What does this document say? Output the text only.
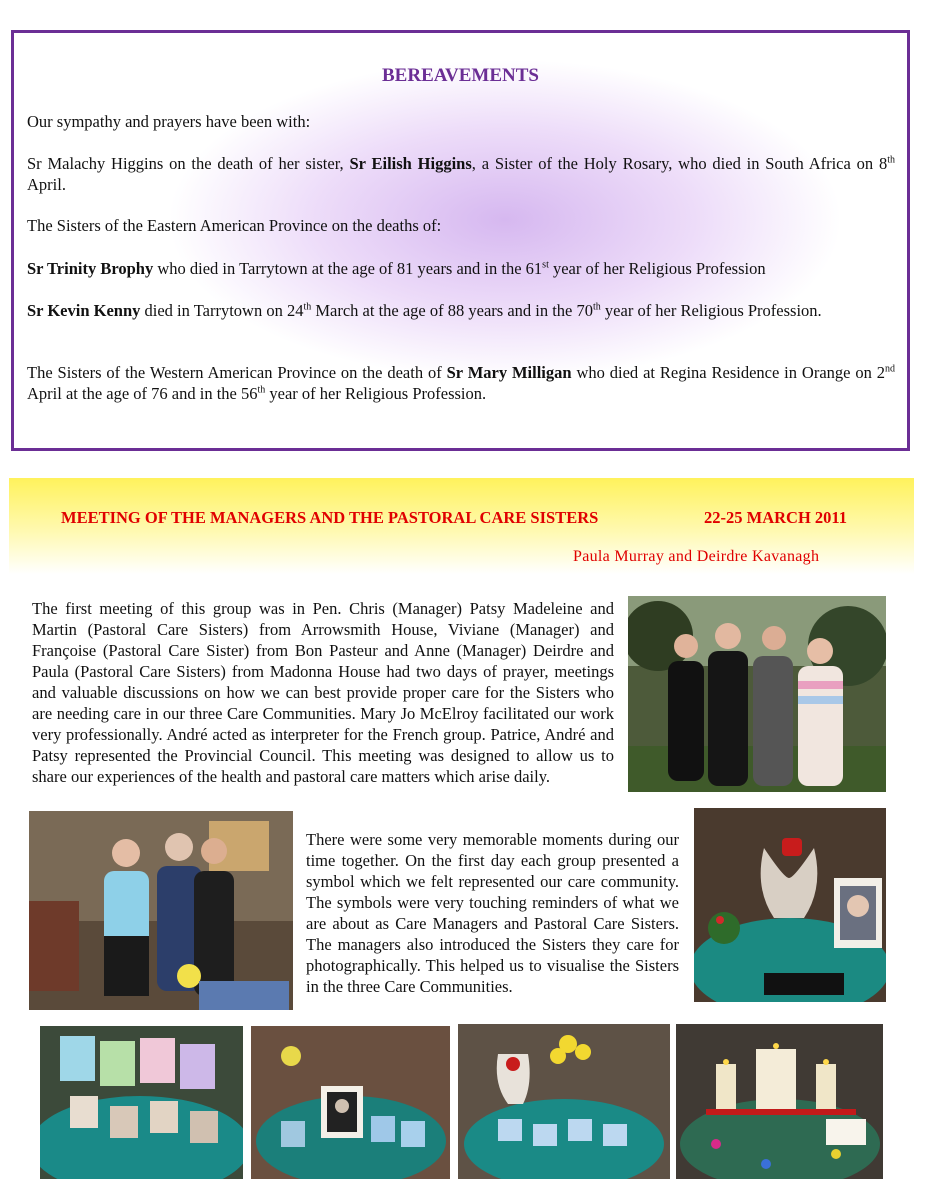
BEREAVEMENTS

Our sympathy and prayers have been with:

Sr Malachy Higgins on the death of her sister, Sr Eilish Higgins, a Sister of the Holy Rosary, who died in South Africa on 8th April.

The Sisters of the Eastern American Province on the deaths of:

Sr Trinity Brophy who died in Tarrytown at the age of 81 years and in the 61st year of her Religious Profession

Sr Kevin Kenny died in Tarrytown on 24th March at the age of 88 years and in the 70th year of her Religious Profession.

The Sisters of the Western American Province on the death of Sr Mary Milligan who died at Regina Residence in Orange on 2nd April at the age of 76 and in the 56th year of her Religious Profession.

MEETING OF THE MANAGERS AND THE PASTORAL CARE SISTERS	22-25 MARCH 2011
Paula Murray and Deirdre Kavanagh

The first meeting of this group was in Pen. Chris (Manager) Patsy Madeleine and Martin (Pastoral Care Sisters) from Arrowsmith House, Viviane (Manager) and Françoise (Pastoral Care Sister) from Bon Pasteur and Anne (Manager) Deirdre and Paula (Pastoral Care Sisters) from Madonna House had two days of prayer, meetings and valuable discussions on how we can best provide proper care for the Sisters who are needing care in our three Care Communities. Mary Jo McElroy facilitated our work very professionally. André acted as interpreter for the French group. Patrice, André and Patsy represented the Provincial Council. This meeting was designed to allow us to share our experiences of the health and pastoral care matters which arise daily.

There were some very memorable moments during our time together. On the first day each group presented a symbol which we felt represented our care community. The symbols were very touching reminders of what we are about as Care Managers and Pastoral Care Sisters. The managers also introduced the Sisters they care for photographically. This helped us to visualise the Sisters in the three Care Communities.
